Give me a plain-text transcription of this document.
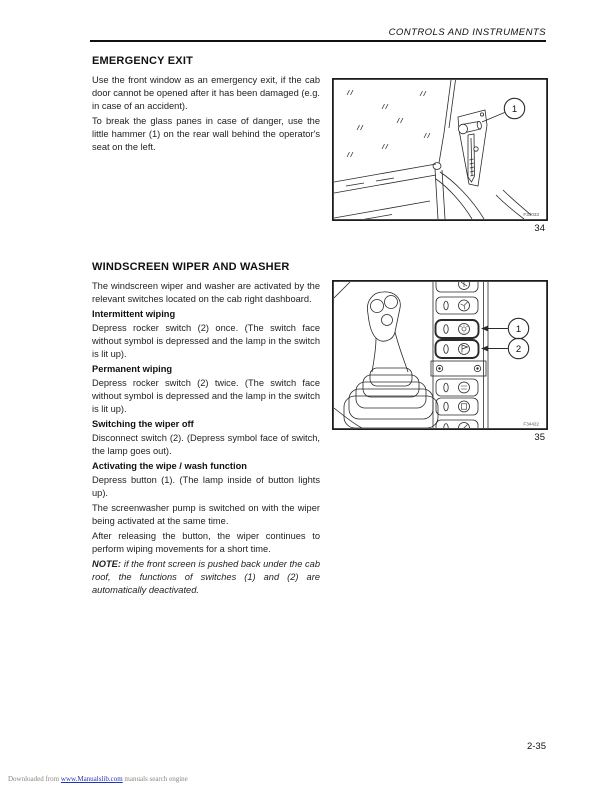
CONTROLS AND INSTRUMENTS
EMERGENCY EXIT

Use the front window as an emergency exit, if the cab door cannot be opened after it has been damaged (e.g. in case of an accident).

To break the glass panes in case of danger, use the little hammer (1) on the rear wall behind the operator's seat on the left.

1
F34033
34
WINDSCREEN WIPER AND WASHER

The windscreen wiper and washer are activated by the relevant switches located on the cab right dashboard.

Intermittent wiping

Depress rocker switch (2) once. (The switch face without symbol is depressed and the lamp in the switch is lit up).

Permanent wiping

Depress rocker switch (2) twice. (The switch face without symbol is depressed and the lamp in the switch is lit up).

Switching the wiper off

Disconnect switch (2). (Depress symbol face of switch, the lamp goes out).

Activating the wipe / wash function

Depress button (1). (The lamp inside of button lights up).

The screenwasher pump is switched on with the wiper being activated at the same time.

After releasing the button, the wiper continues to perform wiping movements for a short time.

NOTE: if the front screen is pushed back under the cab roof, the functions of switches (1) and (2) are automatically deactivated.

1
2
F34422
35
2-35
Downloaded from www.Manualslib.com manuals search engine
